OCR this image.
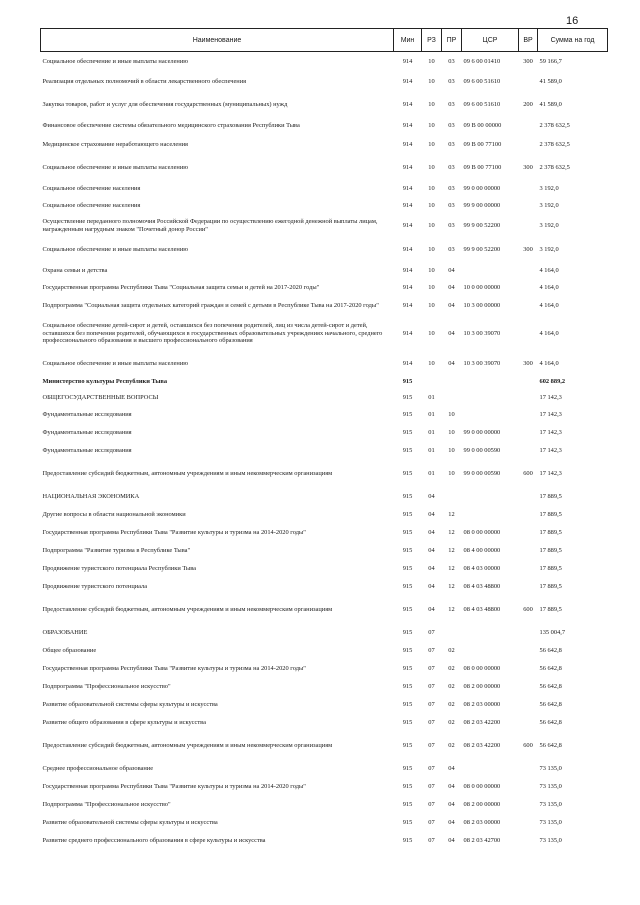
16
Наименование	Мин	РЗ	ПР	ЦСР	ВР	Сумма на год
Социальное обеспечение и иные выплаты населению	914	10	03	09 6 00 01410	300	59 166,7
Реализация отдельных полномочий в области лекарственного обеспечения	914	10	03	09 6 00 51610		41 589,0
Закупка товаров, работ и услуг для обеспечения государственных (муниципальных) нужд	914	10	03	09 6 00 51610	200	41 589,0
Финансовое обеспечение системы обязательного медицинского страхования Республики Тыва	914	10	03	09 В 00 00000		2 378 632,5
Медицинское страхование неработающего населения	914	10	03	09 В 00 77100		2 378 632,5
Социальное обеспечение и иные выплаты населению	914	10	03	09 В 00 77100	300	2 378 632,5
Социальное обеспечение населения	914	10	03	99 0 00 00000		3 192,0
Социальное обеспечение населения	914	10	03	99 9 00 00000		3 192,0
Осуществление переданного полномочия Российской Федерации по осуществлению ежегодной денежной выплаты лицам, награжденным нагрудным знаком "Почетный донор России"	914	10	03	99 9 00 52200		3 192,0
Социальное обеспечение и иные выплаты населению	914	10	03	99 9 00 52200	300	3 192,0
Охрана семьи и детства	914	10	04			4 164,0
Государственная программа Республики Тыва "Социальная защита семьи и детей на 2017-2020 годы"	914	10	04	10 0 00 00000		4 164,0
Подпрограмма "Социальная защита отдельных категорий граждан и семей с детьми в Республике Тыва на 2017-2020 годы"	914	10	04	10 3 00 00000		4 164,0
Социальное обеспечение детей-сирот и детей, оставшихся без попечения родителей, лиц из числа детей-сирот и детей, оставшихся без попечения родителей, обучающихся в государственных образовательных учреждениях начального, среднего профессионального образования и высшего профессионального образования	914	10	04	10 3 00 39070		4 164,0
Социальное обеспечение и иные выплаты населению	914	10	04	10 3 00 39070	300	4 164,0
Министерство культуры Республики Тыва	915					602 889,2
ОБЩЕГОСУДАРСТВЕННЫЕ ВОПРОСЫ	915	01				17 142,3
Фундаментальные исследования	915	01	10			17 142,3
Фундаментальные исследования	915	01	10	99 0 00 00000		17 142,3
Фундаментальные исследования	915	01	10	99 0 00 00590		17 142,3
Предоставление субсидий бюджетным, автономным учреждениям и иным некоммерческим организациям	915	01	10	99 0 00 00590	600	17 142,3
НАЦИОНАЛЬНАЯ ЭКОНОМИКА	915	04				17 889,5
Другие вопросы в области национальной экономики	915	04	12			17 889,5
Государственная программа Республики Тыва "Развитие культуры и туризма на 2014-2020 годы"	915	04	12	08 0 00 00000		17 889,5
Подпрограмма "Развитие туризма в Республике Тыва"	915	04	12	08 4 00 00000		17 889,5
Продвижение туристского потенциала Республики Тыва	915	04	12	08 4 03 00000		17 889,5
Продвижение туристского потенциала	915	04	12	08 4 03 48800		17 889,5
Предоставление субсидий бюджетным, автономным учреждениям и иным некоммерческим организациям	915	04	12	08 4 03 48800	600	17 889,5
ОБРАЗОВАНИЕ	915	07				135 004,7
Общее образование	915	07	02			56 642,8
Государственная программа Республики Тыва "Развитие культуры и туризма на 2014-2020 годы"	915	07	02	08 0 00 00000		56 642,8
Подпрограмма "Профессиональное искусство"	915	07	02	08 2 00 00000		56 642,8
Развитие образовательной системы сферы культуры и искусства	915	07	02	08 2 03 00000		56 642,8
Развитие общего образования в сфере культуры и искусства	915	07	02	08 2 03 42200		56 642,8
Предоставление субсидий бюджетным, автономным учреждениям и иным некоммерческим организациям	915	07	02	08 2 03 42200	600	56 642,8
Среднее профессиональное образование	915	07	04			73 135,0
Государственная программа Республики Тыва "Развитие культуры и туризма на 2014-2020 годы"	915	07	04	08 0 00 00000		73 135,0
Подпрограмма "Профессиональное искусство"	915	07	04	08 2 00 00000		73 135,0
Развитие образовательной системы сферы культуры и искусства	915	07	04	08 2 03 00000		73 135,0
Развитие среднего профессионального образования в сфере культуры и искусства	915	07	04	08 2 03 42700		73 135,0
